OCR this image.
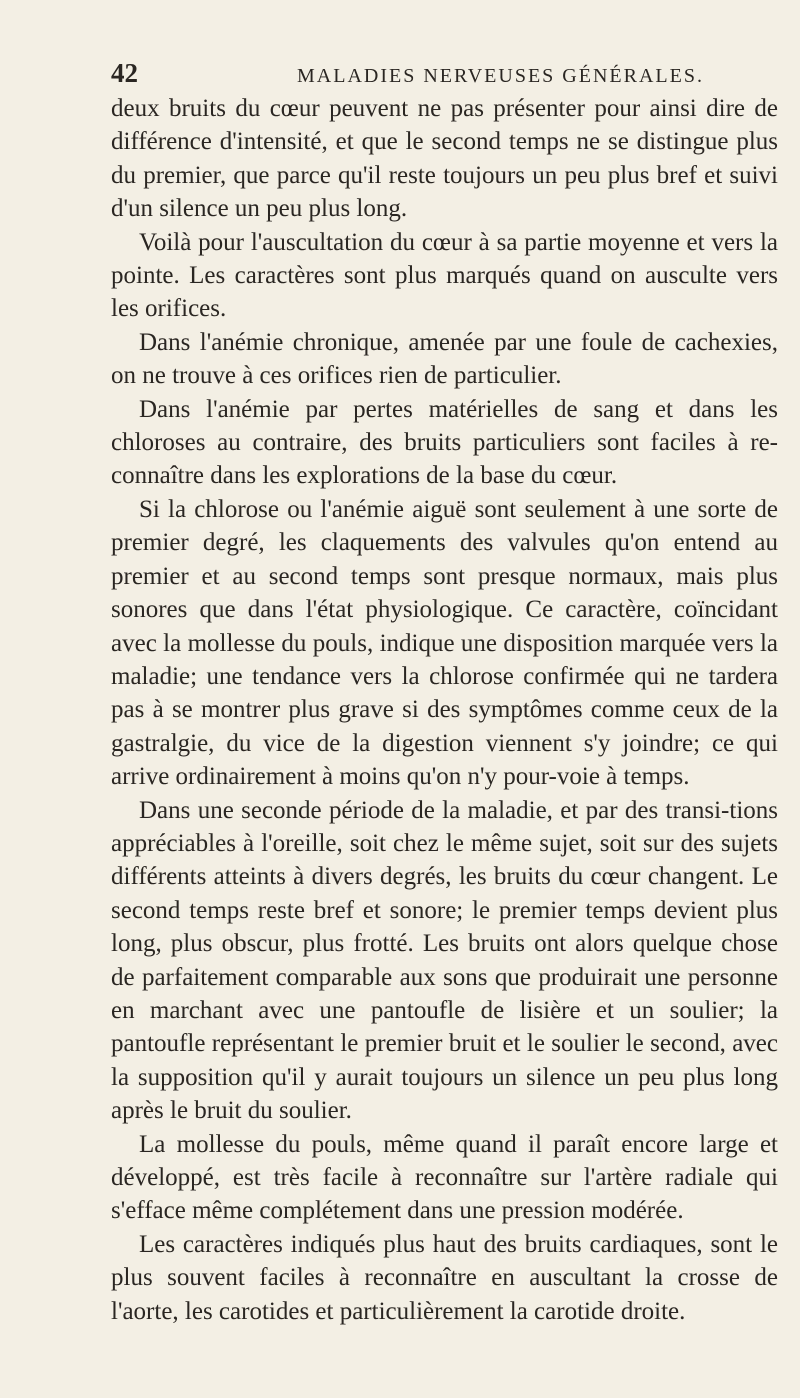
42	MALADIES NERVEUSES GÉNÉRALES.

deux bruits du cœur peuvent ne pas présenter pour ainsi dire de différence d'intensité, et que le second temps ne se distingue plus du premier, que parce qu'il reste toujours un peu plus bref et suivi d'un silence un peu plus long.

Voilà pour l'auscultation du cœur à sa partie moyenne et vers la pointe. Les caractères sont plus marqués quand on ausculte vers les orifices.

Dans l'anémie chronique, amenée par une foule de cachexies, on ne trouve à ces orifices rien de particulier.

Dans l'anémie par pertes matérielles de sang et dans les chloroses au contraire, des bruits particuliers sont faciles à re-connaître dans les explorations de la base du cœur.

Si la chlorose ou l'anémie aiguë sont seulement à une sorte de premier degré, les claquements des valvules qu'on entend au premier et au second temps sont presque normaux, mais plus sonores que dans l'état physiologique. Ce caractère, coïncidant avec la mollesse du pouls, indique une disposition marquée vers la maladie; une tendance vers la chlorose confirmée qui ne tardera pas à se montrer plus grave si des symptômes comme ceux de la gastralgie, du vice de la digestion viennent s'y joindre; ce qui arrive ordinairement à moins qu'on n'y pour-voie à temps.

Dans une seconde période de la maladie, et par des transi-tions appréciables à l'oreille, soit chez le même sujet, soit sur des sujets différents atteints à divers degrés, les bruits du cœur changent. Le second temps reste bref et sonore; le premier temps devient plus long, plus obscur, plus frotté. Les bruits ont alors quelque chose de parfaitement comparable aux sons que produirait une personne en marchant avec une pantoufle de lisière et un soulier; la pantoufle représentant le premier bruit et le soulier le second, avec la supposition qu'il y aurait toujours un silence un peu plus long après le bruit du soulier.

La mollesse du pouls, même quand il paraît encore large et développé, est très facile à reconnaître sur l'artère radiale qui s'efface même complétement dans une pression modérée.

Les caractères indiqués plus haut des bruits cardiaques, sont le plus souvent faciles à reconnaître en auscultant la crosse de l'aorte, les carotides et particulièrement la carotide droite.
